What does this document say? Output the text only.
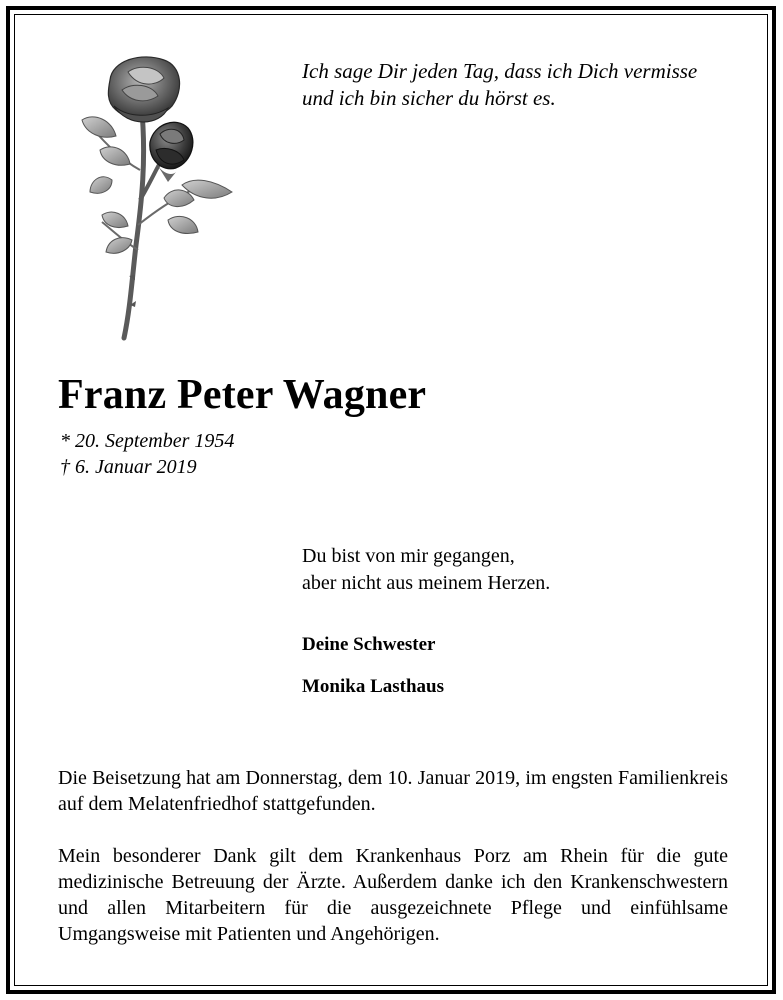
Ich sage Dir jeden Tag, dass ich Dich vermisse
und ich bin sicher du hörst es.
Franz Peter Wagner
* 20. September 1954
† 6. Januar 2019
Du bist von mir gegangen,
aber nicht aus meinem Herzen.
Deine Schwester
Monika Lasthaus
Die Beisetzung hat am Donnerstag, dem 10. Januar 2019, im engsten Familienkreis auf dem Melatenfriedhof stattgefunden.
Mein besonderer Dank gilt dem Krankenhaus Porz am Rhein für die gute medizinische Betreuung der Ärzte. Außerdem danke ich den Krankenschwestern und allen Mitarbeitern für die ausgezeichnete Pflege und einfühlsame Umgangsweise mit Patienten und Angehörigen.
